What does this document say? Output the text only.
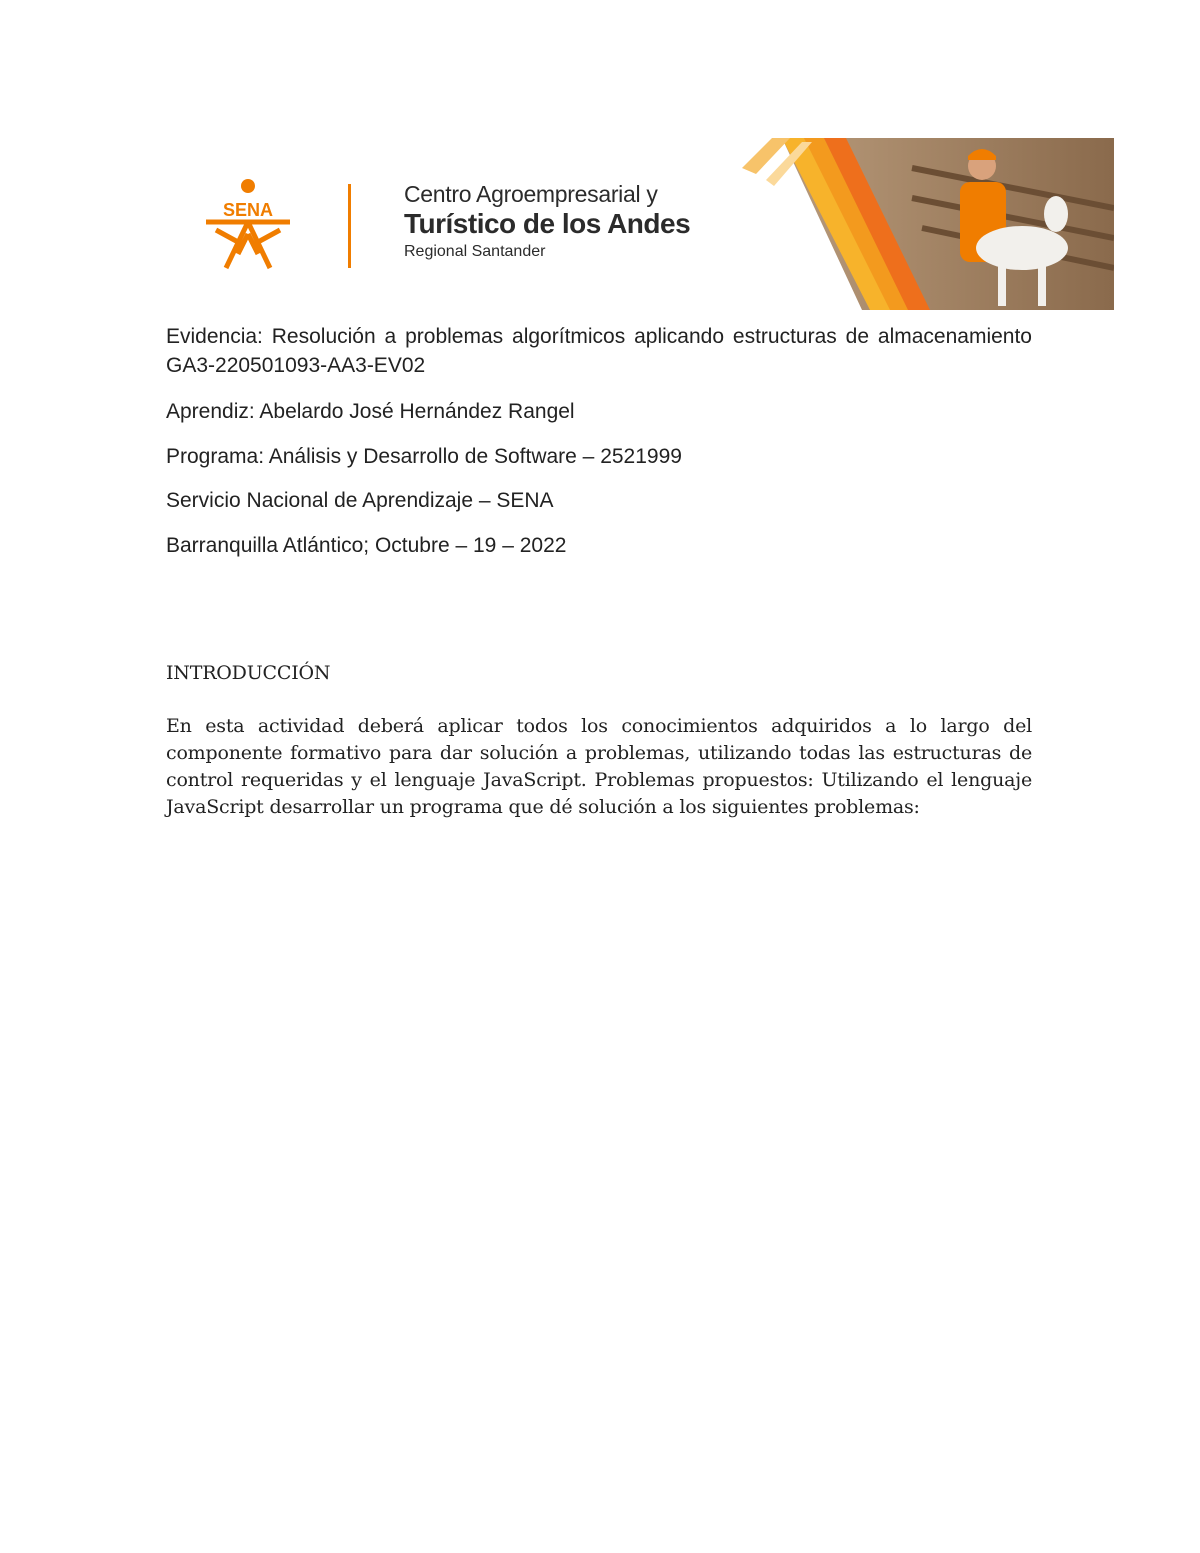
SENA
Centro Agroempresarial y
Turístico de los Andes
Regional Santander
Evidencia: Resolución a problemas algorítmicos aplicando estructuras de almacenamiento GA3-220501093-AA3-EV02
Aprendiz: Abelardo José Hernández Rangel
Programa: Análisis y Desarrollo de Software – 2521999
Servicio Nacional de Aprendizaje – SENA
Barranquilla Atlántico; Octubre – 19 – 2022
INTRODUCCIÓN
En esta actividad deberá aplicar todos los conocimientos adquiridos a lo largo del componente formativo para dar solución a problemas, utilizando todas las estructuras de control requeridas y el lenguaje JavaScript. Problemas propuestos: Utilizando el lenguaje JavaScript desarrollar un programa que dé solución a los siguientes problemas:
